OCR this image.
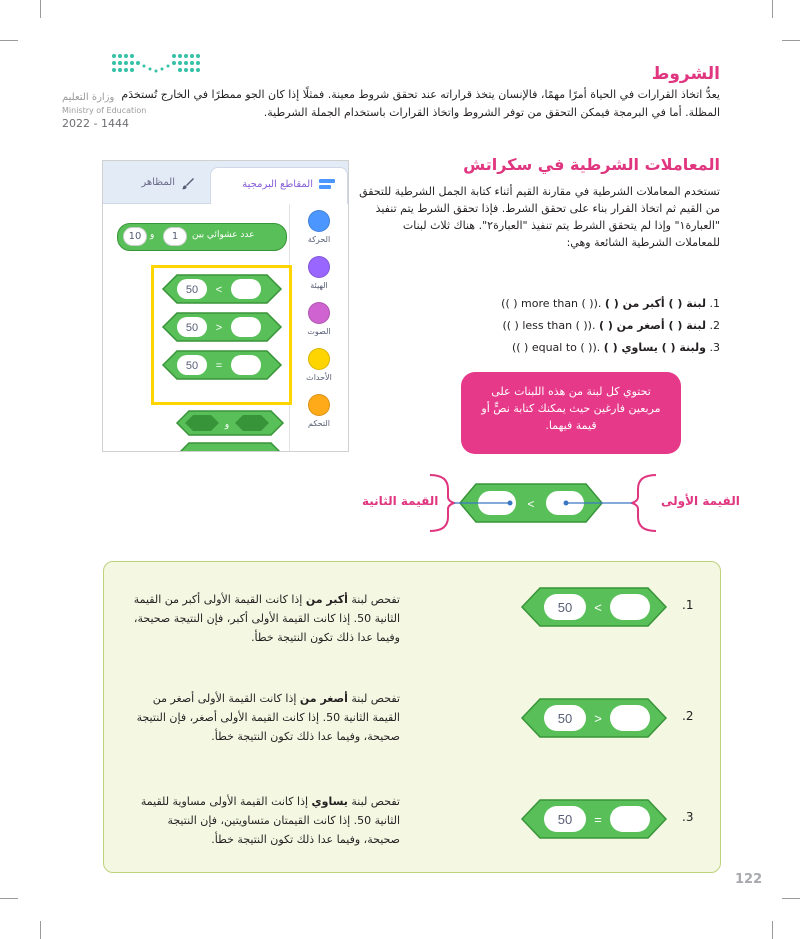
وزارة التعليم
Ministry of Education
2022 - 1444
الشروط
يعدُّ اتخاذ القرارات في الحياة أمرًا مهمًا، فالإنسان يتخذ قراراته عند تحقق شروط معينة. فمثلًا إذا كان الجو ممطرًا في الخارج تُستخدَم المظلة. أما في البرمجة فيمكن التحقق من توفر الشروط واتخاذ القرارات باستخدام الجملة الشرطية.
المقاطع البرمجية
المظاهر
الحركة
الهيئة
الصوت
الأحداث
التحكم
10 و	1	عدد عشوائي بين
50 <
50 >
50 =
و
المعاملات الشرطية في سكراتش
تستخدم المعاملات الشرطية في مقارنة القيم أثناء كتابة الجمل الشرطية للتحقق من القيم ثم اتخاذ القرار بناء على تحقق الشرط. فإذا تحقق الشرط يتم تنفيذ "العبارة١" وإذا لم يتحقق الشرط يتم تنفيذ "العبارة٢". هناك ثلاث لبنات للمعاملات الشرطية الشائعة وهي:
1. لبنة ( ) أكبر من ( ) (( ) more than ( )).
2. لبنة ( ) أصغر من ( ) (( ) less than ( )).
3. ولبنة ( ) يساوي ( ) (( ) equal to ( )).
تحتوي كل لبنة من هذه اللبنات على مربعين فارغين حيث يمكنك كتابة نصٍّ أو قيمة فيهما.
<	القيمة الأولى
القيمة الثانية
تفحص لبنة أكبر من إذا كانت القيمة الأولى أكبر من القيمة الثانية 50. إذا كانت القيمة الأولى أكبر، فإن النتيجة صحيحة، وفيما عدا ذلك تكون النتيجة خطأ.
50 <	.1
تفحص لبنة أصغر من إذا كانت القيمة الأولى أصغر من القيمة الثانية 50. إذا كانت القيمة الأولى أصغر، فإن النتيجة صحيحة، وفيما عدا ذلك تكون النتيجة خطأ.
50 >	.2
تفحص لبنة يساوي إذا كانت القيمة الأولى مساوية للقيمة الثانية 50. إذا كانت القيمتان متساويتين، فإن النتيجة صحيحة، وفيما عدا ذلك تكون النتيجة خطأ.
50 =	.3
122
